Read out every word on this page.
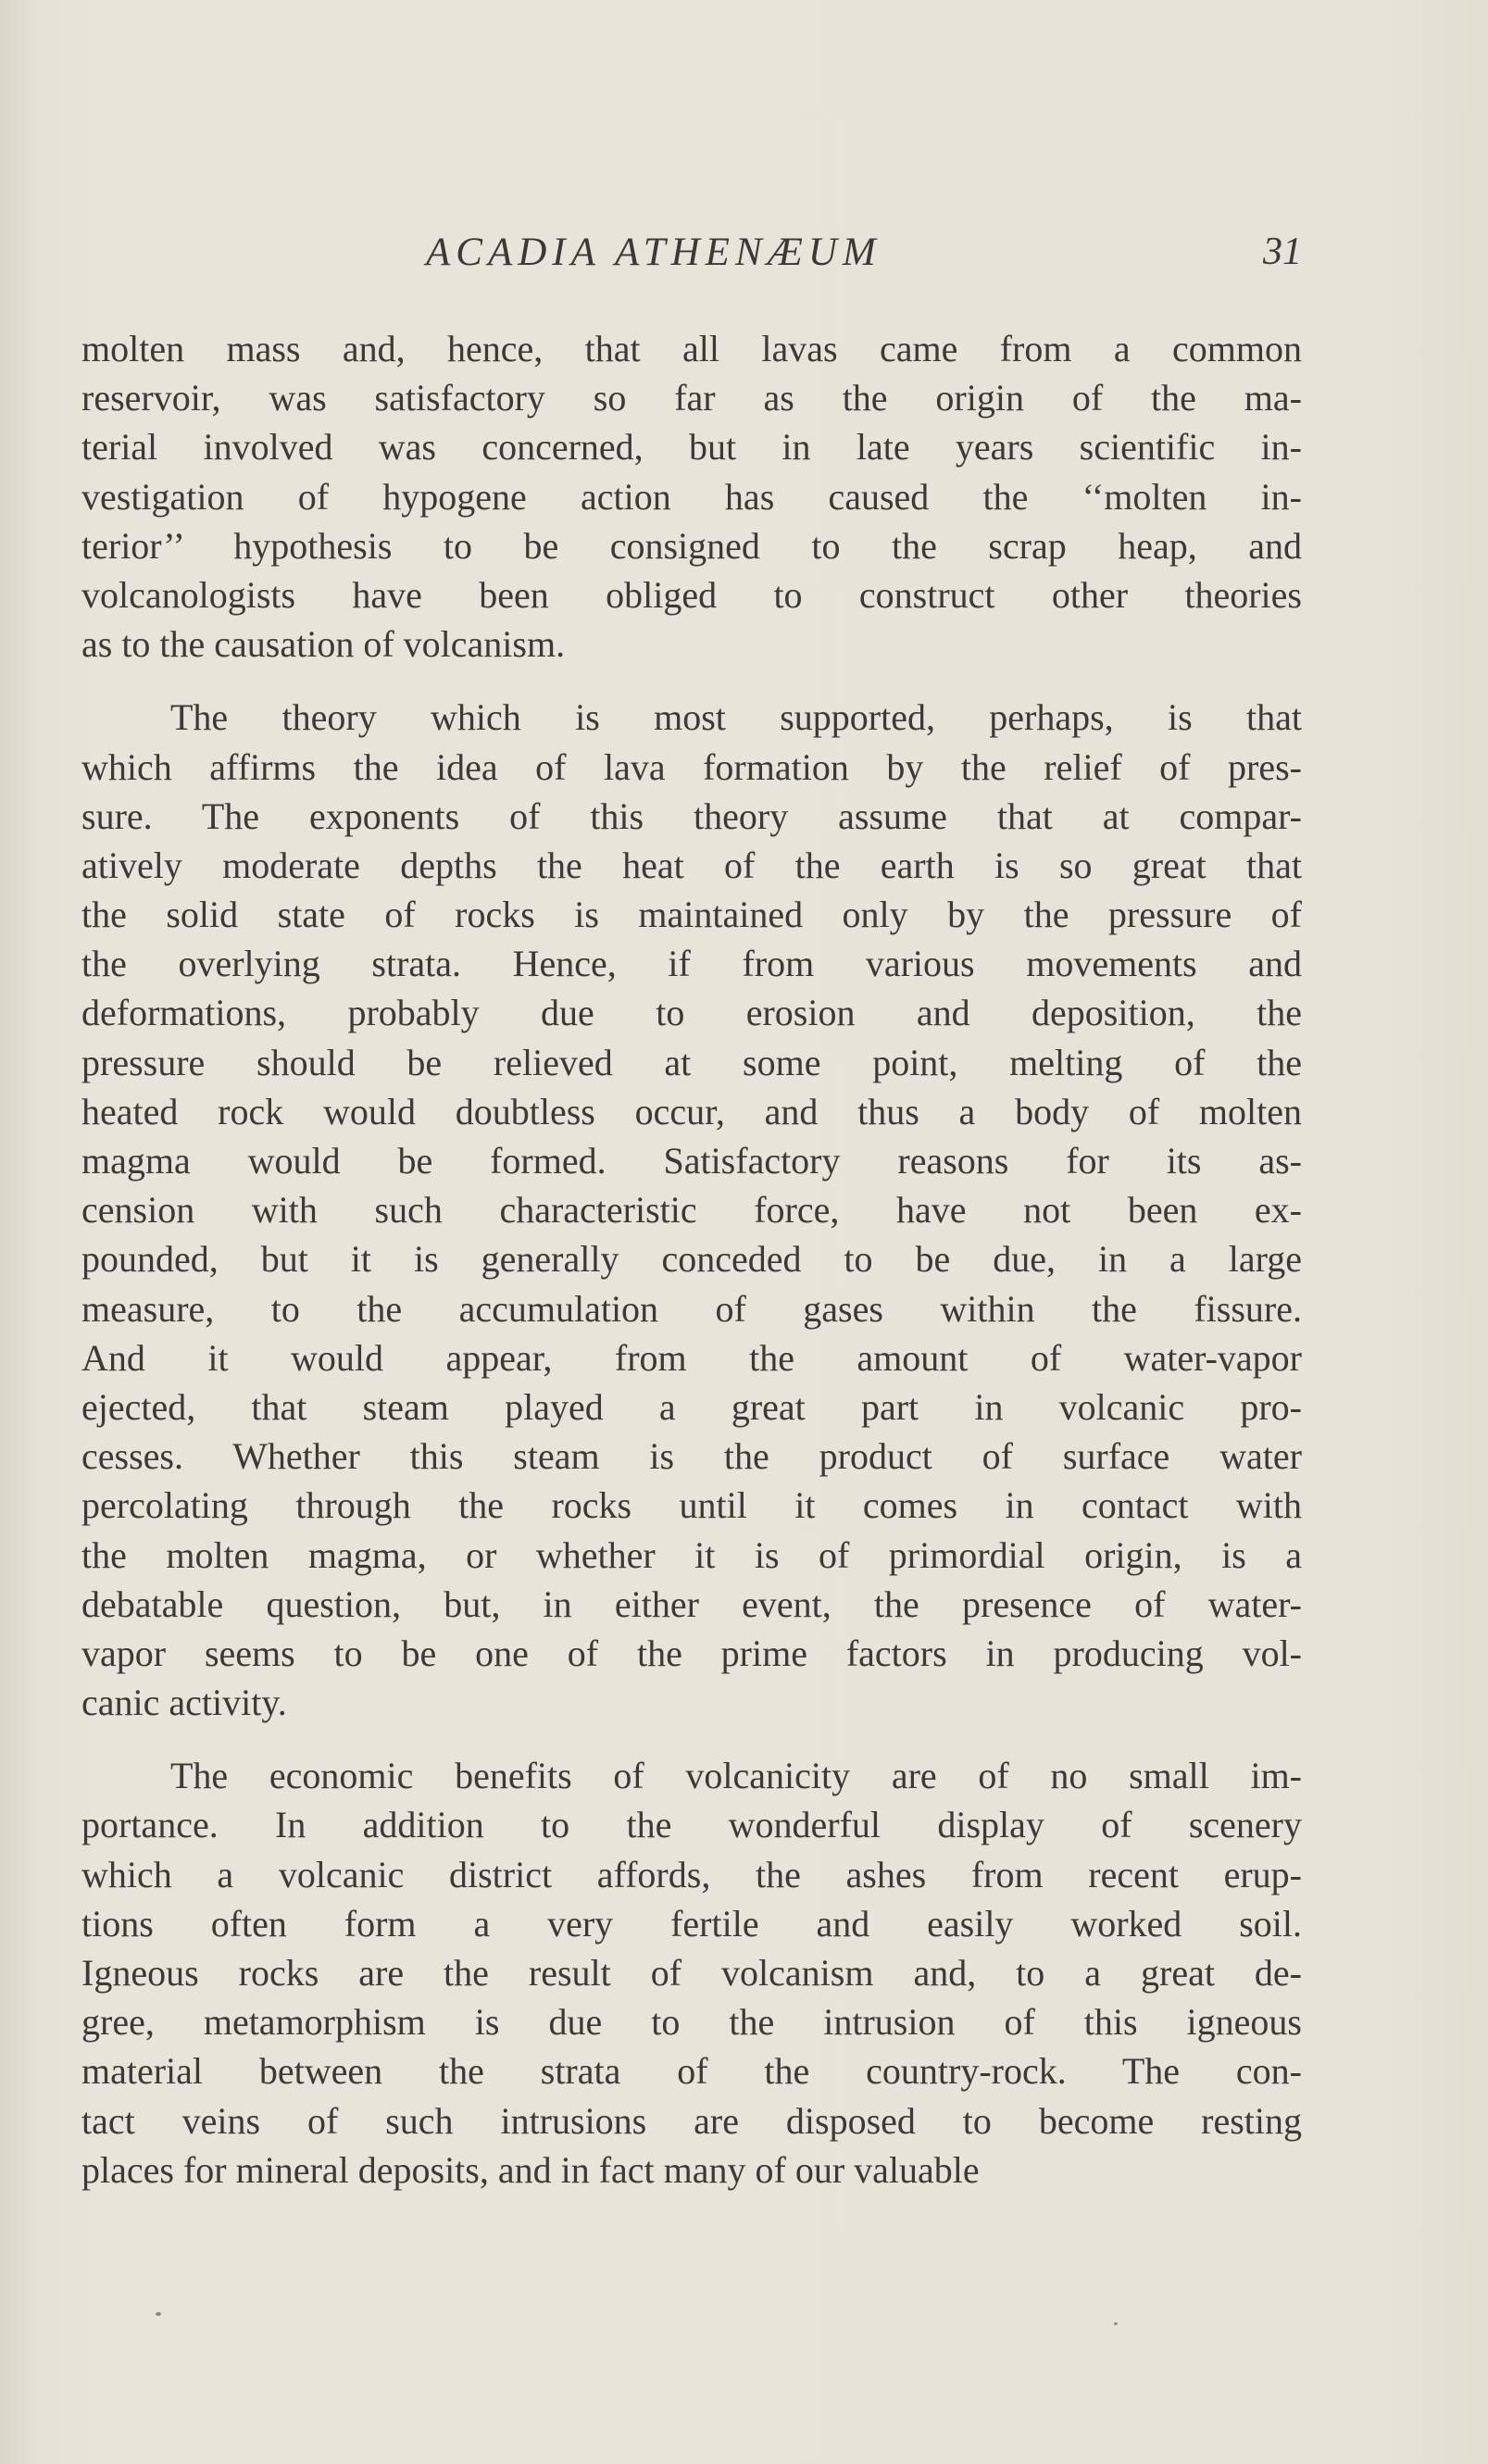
ACADIA ATHENÆUM	31
molten mass and, hence, that all lavas came from a common
reservoir, was satisfactory so far as the origin of the ma-
terial involved was concerned, but in late years scientific in-
vestigation of hypogene action has caused the ‘‘molten in-
terior’’ hypothesis to be consigned to the scrap heap, and
volcanologists have been obliged to construct other theories
as to the causation of volcanism.
The theory which is most supported, perhaps, is that
which affirms the idea of lava formation by the relief of pres-
sure. The exponents of this theory assume that at compar-
atively moderate depths the heat of the earth is so great that
the solid state of rocks is maintained only by the pressure of
the overlying strata. Hence, if from various movements and
deformations, probably due to erosion and deposition, the
pressure should be relieved at some point, melting of the
heated rock would doubtless occur, and thus a body of molten
magma would be formed. Satisfactory reasons for its as-
cension with such characteristic force, have not been ex-
pounded, but it is generally conceded to be due, in a large
measure, to the accumulation of gases within the fissure.
And it would appear, from the amount of water-vapor
ejected, that steam played a great part in volcanic pro-
cesses. Whether this steam is the product of surface water
percolating through the rocks until it comes in contact with
the molten magma, or whether it is of primordial origin, is a
debatable question, but, in either event, the presence of water-
vapor seems to be one of the prime factors in producing vol-
canic activity.
The economic benefits of volcanicity are of no small im-
portance. In addition to the wonderful display of scenery
which a volcanic district affords, the ashes from recent erup-
tions often form a very fertile and easily worked soil.
Igneous rocks are the result of volcanism and, to a great de-
gree, metamorphism is due to the intrusion of this igneous
material between the strata of the country-rock. The con-
tact veins of such intrusions are disposed to become resting
places for mineral deposits, and in fact many of our valuable
